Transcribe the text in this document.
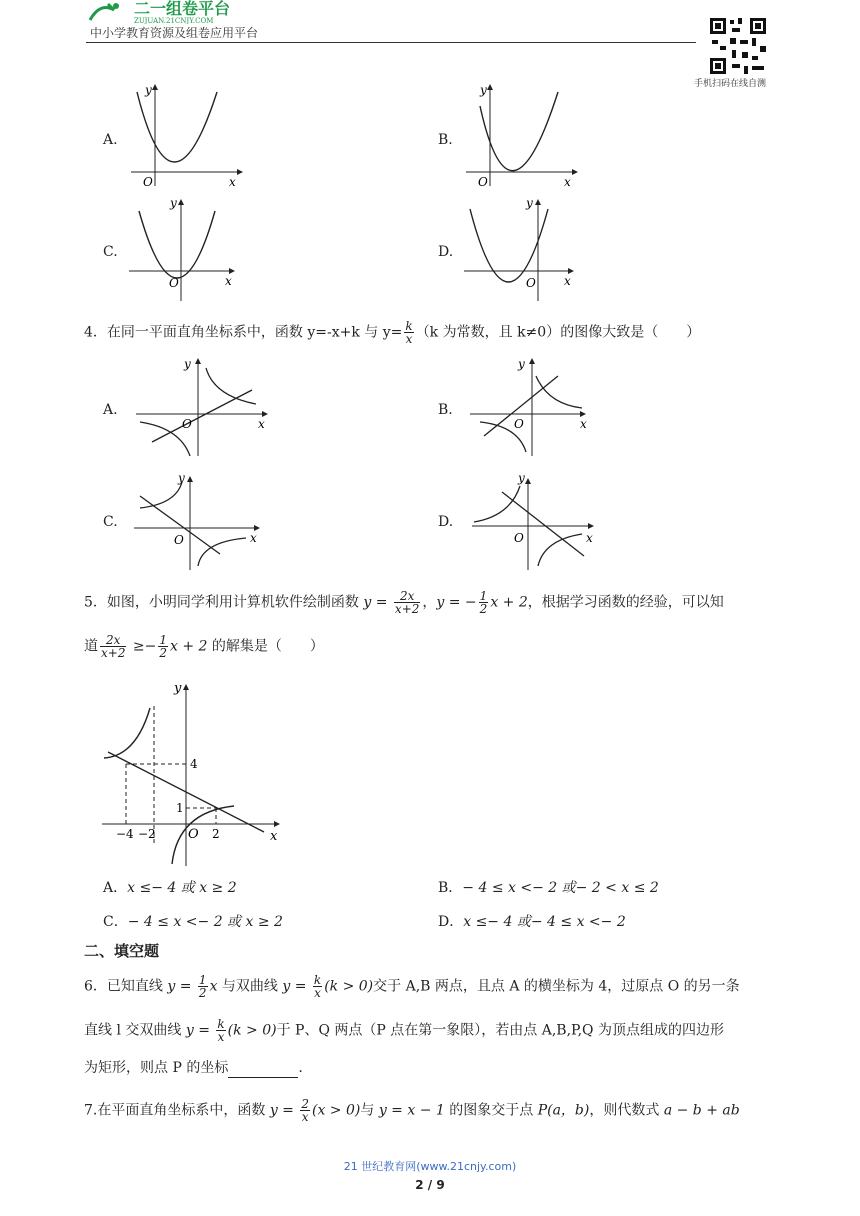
二一组卷平台
ZUJUAN.21CNJY.COM
中小学教育资源及组卷应用平台
手机扫码在线自测
A.
y
x
O
B.
y
x
O
C.
y
x
O
D.
y
x
O
4．在同一平面直角坐标系中，函数 y=-x+k 与 $y= \frac{k}{x} (k$ 为常数，且 k≠0）的图像大致是（　　）
A.
y
x
O
B.
y
x
O
C.
y
x
O
D.
y
x
O
5．如图，小明同学利用计算机软件绘制函数 $y = \frac{2x}{x+2}$ ，y = − $\frac{1}{2}$ x + 2，根据学习函数的经验，可以知
道 $\frac{2x}{x+2} \ge- \frac{1}{2}$ x + 2 的解集是（　　）
y
x
O
4
1
−4 −2	2
A．x ≤− 4 或 x ≥ 2	B．− 4 ≤ x <− 2 或− 2 < x ≤ 2
C．− 4 ≤ x <− 2 或 x ≥ 2	D．x ≤− 4 或− 4 ≤ x <− 2
二、填空题
6．已知直线 $y = \frac{1}{2}$ x 与双曲线 $y = \frac{k}{x} (k > 0)$交于 A,B 两点，且点 A 的横坐标为 4，过原点 O 的另一条
直线 l 交双曲线 $y = \frac{k}{x} (k > 0)$于 P、Q 两点（P 点在第一象限），若由点 A,B,P,Q 为顶点组成的四边形
为矩形，则点 P 的坐标	.
7.在平面直角坐标系中，函数 $y = \frac{2}{x} (x > 0)$与 y = x − 1 的图象交于点 P(a，b)，则代数式 a − b + ab
21 世纪教育网(www.21cnjy.com)
2 / 9
